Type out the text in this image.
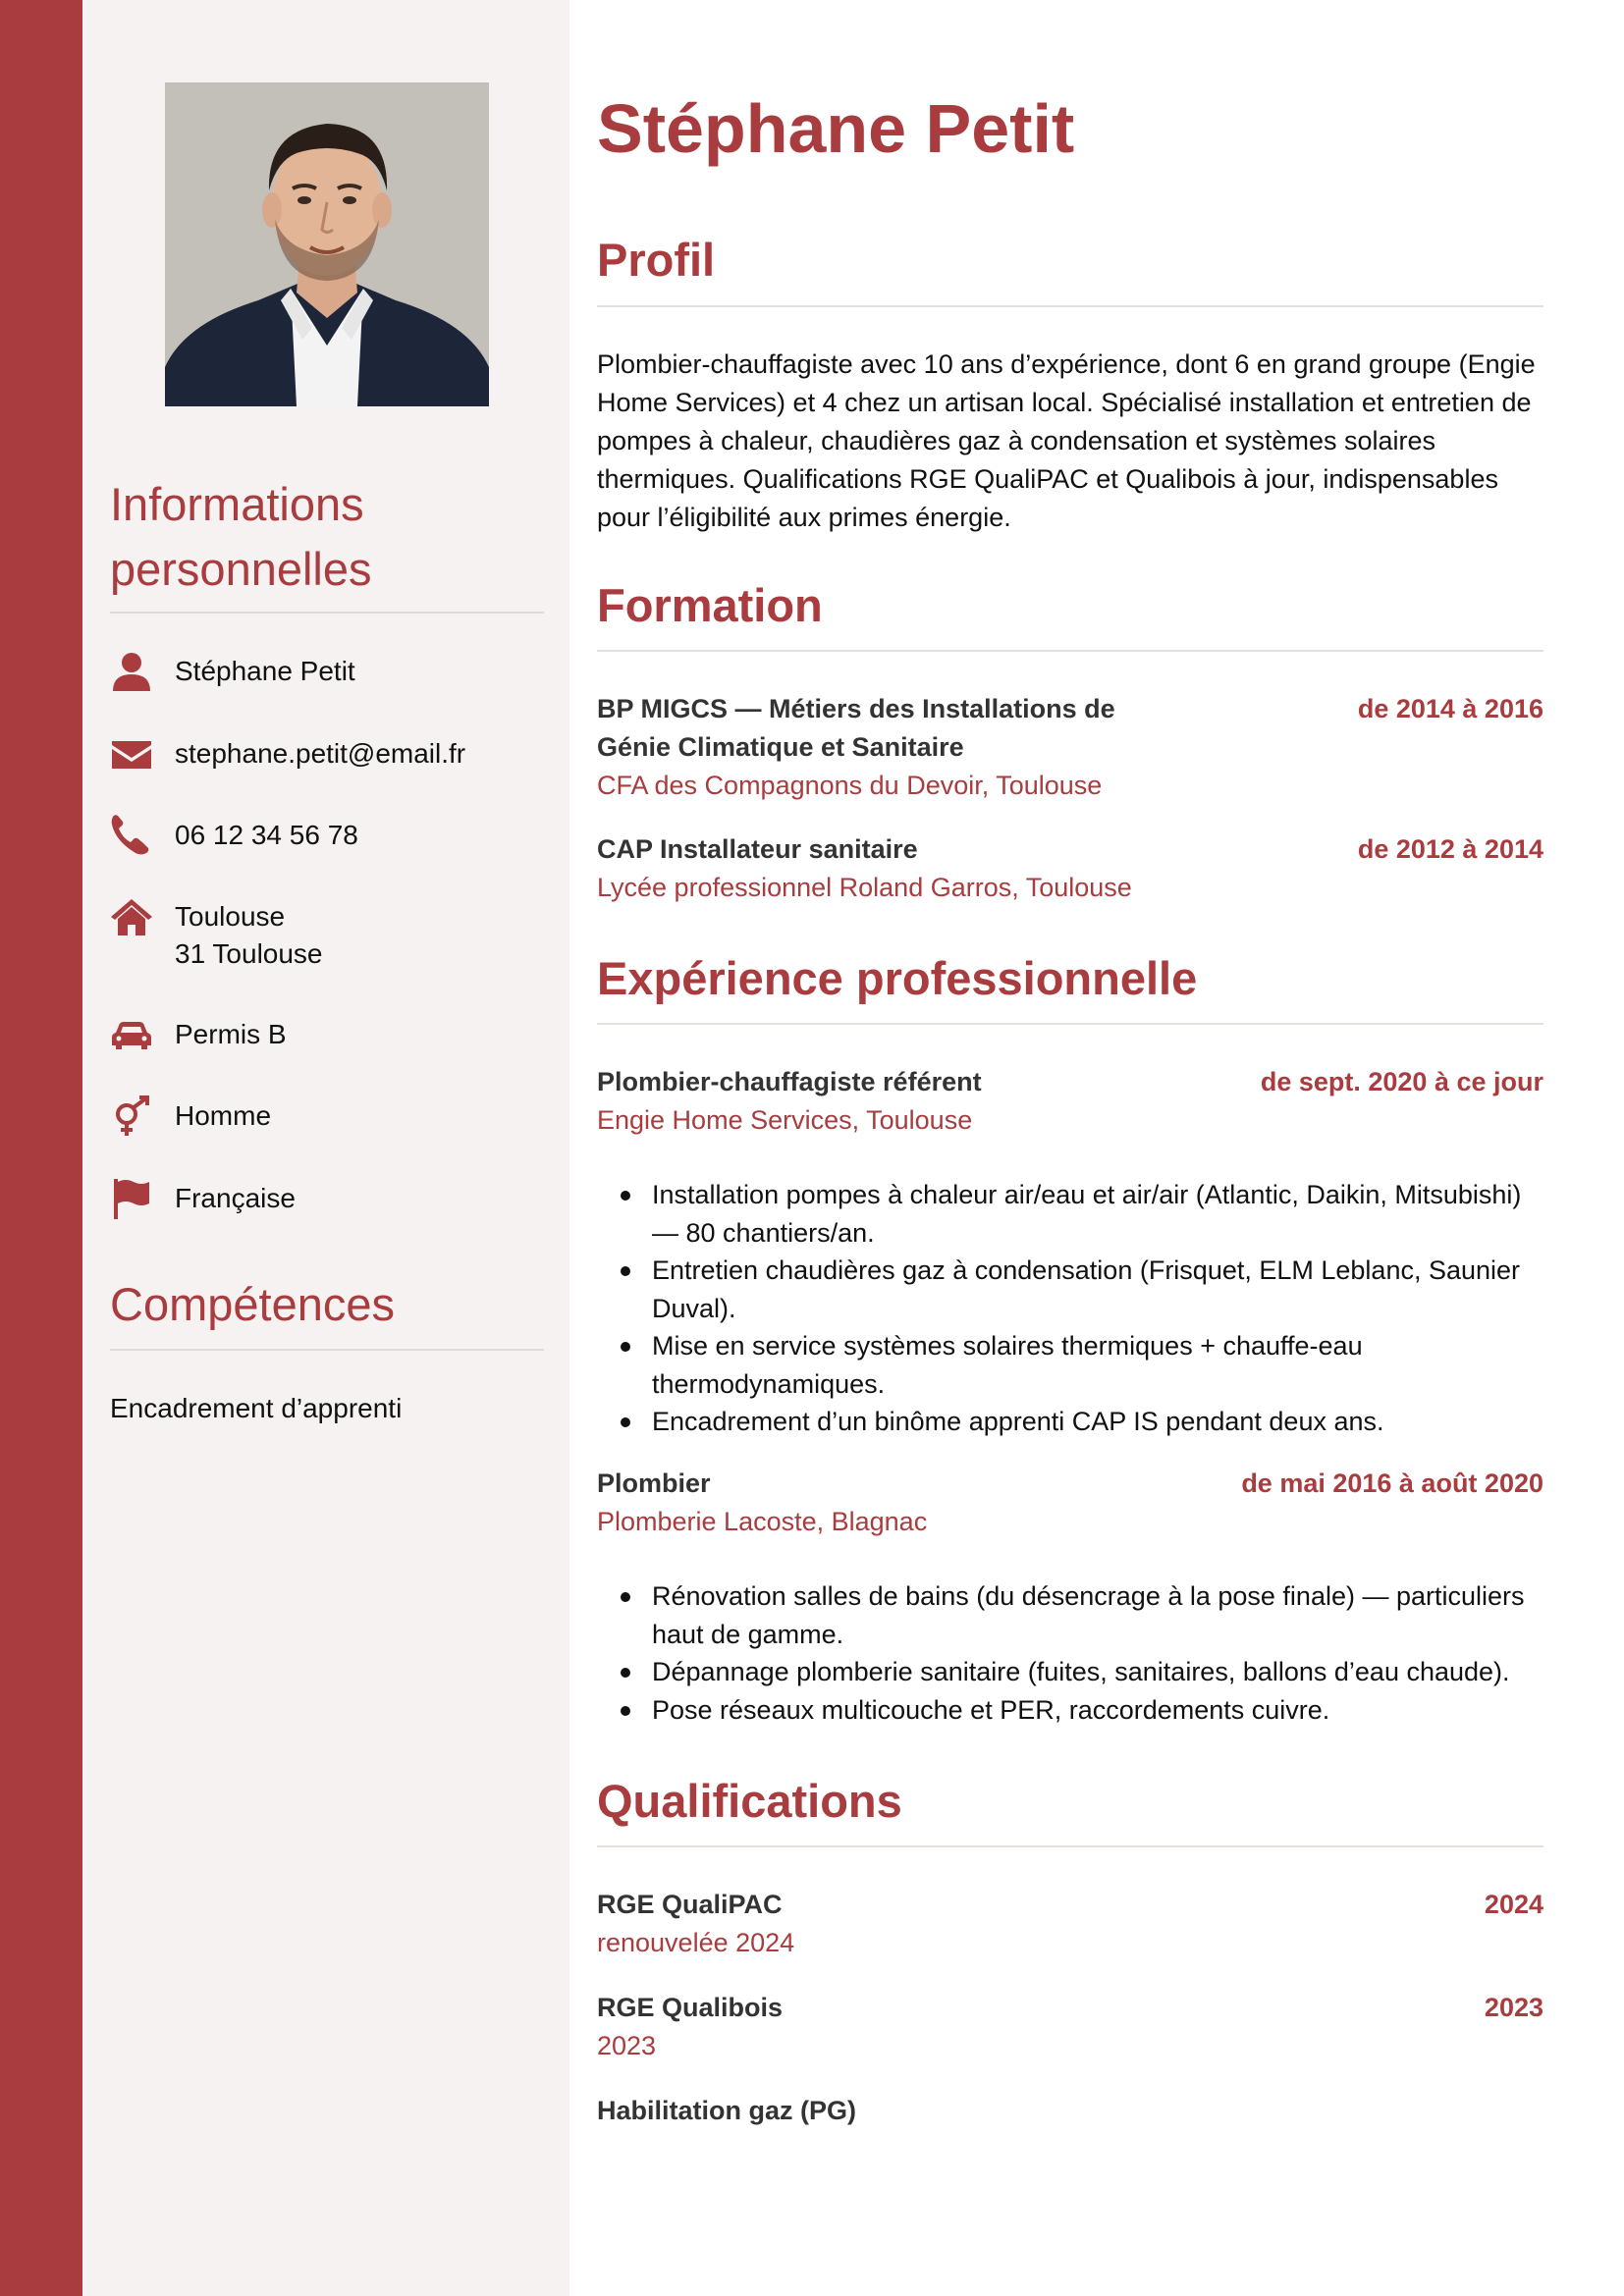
Informations
personnelles
Stéphane Petit
stephane.petit@email.fr
06 12 34 56 78
Toulouse
31 Toulouse
Permis B
Homme
Française
Compétences
Encadrement d’apprenti
Stéphane Petit
Profil

Plombier-chauffagiste avec 10 ans d’expérience, dont 6 en grand groupe (Engie Home Services) et 4 chez un artisan local. Spécialisé installation et entretien de pompes à chaleur, chaudières gaz à condensation et systèmes solaires thermiques. Qualifications RGE QualiPAC et Qualibois à jour, indispensables pour l’éligibilité aux primes énergie.

Formation
BP MIGCS — Métiers des Installations de Génie Climatique et Sanitaire
de 2014 à 2016
CFA des Compagnons du Devoir, Toulouse
CAP Installateur sanitaire	de 2012 à 2014
Lycée professionnel Roland Garros, Toulouse
Expérience professionnelle
Plombier-chauffagiste référent	de sept. 2020 à ce jour
Engie Home Services, Toulouse
Installation pompes à chaleur air/eau et air/air (Atlantic, Daikin, Mitsubishi) — 80 chantiers/an.
Entretien chaudières gaz à condensation (Frisquet, ELM Leblanc, Saunier Duval).
Mise en service systèmes solaires thermiques + chauffe-eau thermodynamiques.
Encadrement d’un binôme apprenti CAP IS pendant deux ans.
Plombier	de mai 2016 à août 2020
Plomberie Lacoste, Blagnac
Rénovation salles de bains (du désencrage à la pose finale) — particuliers haut de gamme.
Dépannage plomberie sanitaire (fuites, sanitaires, ballons d’eau chaude).
Pose réseaux multicouche et PER, raccordements cuivre.
Qualifications
RGE QualiPAC	2024
renouvelée 2024
RGE Qualibois	2023
2023
Habilitation gaz (PG)
